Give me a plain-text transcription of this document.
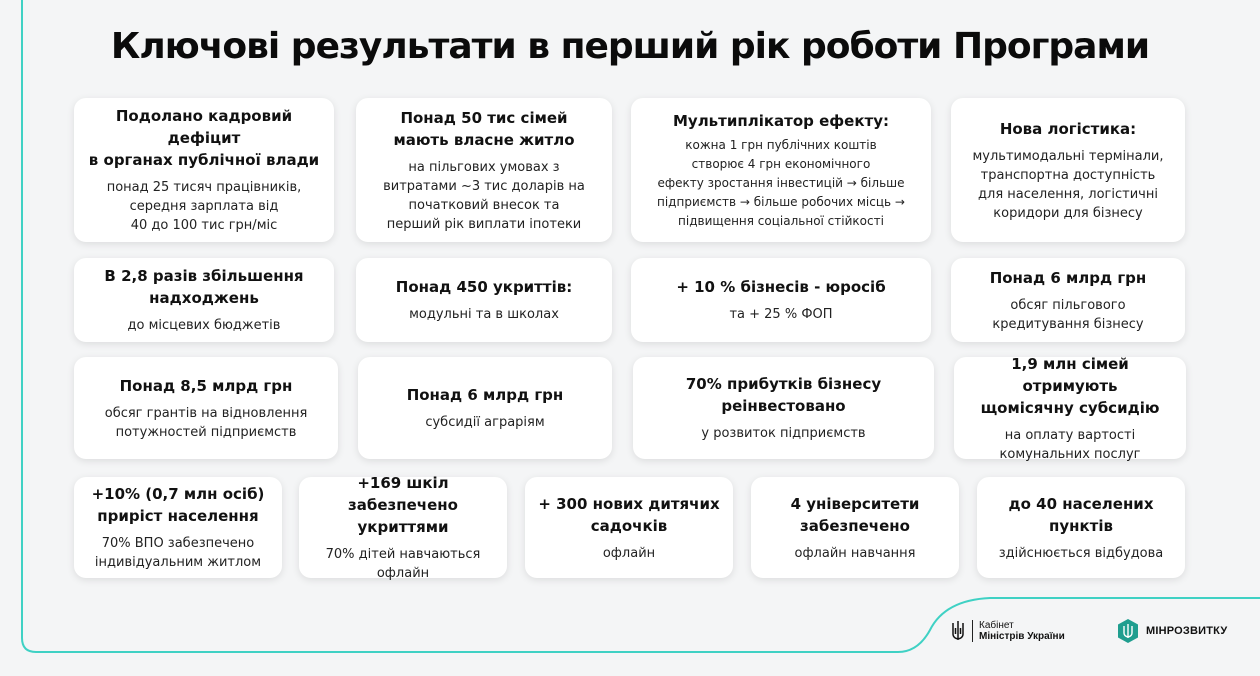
Ключові результати в перший рік роботи Програми
Подолано кадровий дефіцит
в органах публічної влади
понад 25 тисяч працівників,
середня зарплата від
40 до 100 тис грн/міс
Понад 50 тис сімей
мають власне житло
на пільгових умовах з
витратами ~3 тис доларів на
початковий внесок та
перший рік виплати іпотеки
Мультиплікатор ефекту:
кожна 1 грн публічних коштів
створює 4 грн економічного
ефекту зростання інвестицій → більше
підприємств → більше робочих місць →
підвищення соціальної стійкості
Нова логістика:
мультимодальні термінали,
транспортна доступність
для населення, логістичні
коридори для бізнесу
В 2,8 разів збільшення
надходжень
до місцевих бюджетів
Понад 450 укриттів:
модульні та в школах
+ 10 % бізнесів - юросіб
та + 25 % ФОП
Понад 6 млрд грн
обсяг пільгового
кредитування бізнесу
Понад 8,5 млрд грн
обсяг грантів на відновлення
потужностей підприємств
Понад 6 млрд грн
субсидії аграріям
70% прибутків бізнесу
реінвестовано
у розвиток підприємств
1,9 млн сімей отримують
щомісячну субсидію
на оплату вартості
комунальних послуг
+10% (0,7 млн осіб)
приріст населення
70% ВПО забезпечено
індивідуальним житлом
+169 шкіл забезпечено
укриттями
70% дітей навчаються
офлайн
+ 300 нових дитячих
садочків
офлайн
4 університети
забезпечено
офлайн навчання
до 40 населених
пунктів
здійснюється відбудова
Кабінет
Міністрів України	МІНРОЗВИТКУ
